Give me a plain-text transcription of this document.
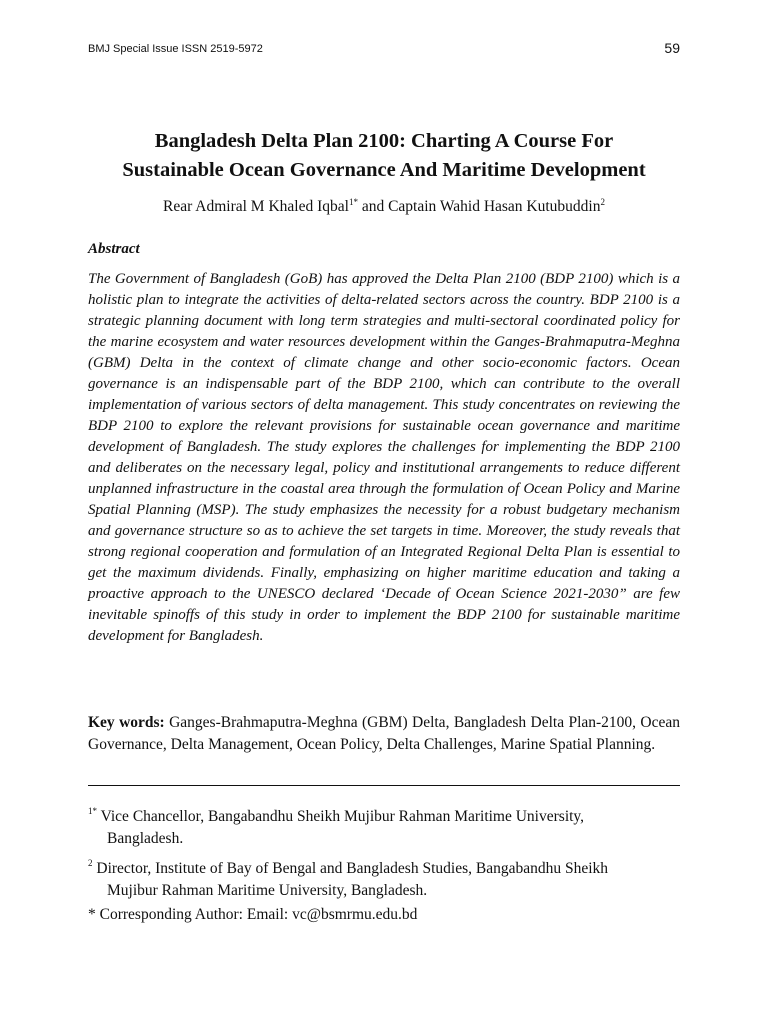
BMJ Special Issue ISSN 2519-5972	59
Bangladesh Delta Plan 2100: Charting A Course For
Sustainable Ocean Governance And Maritime Development
Rear Admiral M Khaled Iqbal$^{1*}$ and Captain Wahid Hasan Kutubuddin$^2$
Abstract

The Government of Bangladesh (GoB) has approved the Delta Plan 2100 (BDP 2100) which is a holistic plan to integrate the activities of delta-related sectors across the country. BDP 2100 is a strategic planning document with long term strategies and multi-sectoral coordinated policy for the marine ecosystem and water resources development within the Ganges-Brahmaputra-Meghna (GBM) Delta in the context of climate change and other socio-economic factors. Ocean governance is an indispensable part of the BDP 2100, which can contribute to the overall implementation of various sectors of delta management. This study concentrates on reviewing the BDP 2100 to explore the relevant provisions for sustainable ocean governance and maritime development of Bangladesh. The study explores the challenges for implementing the BDP 2100 and deliberates on the necessary legal, policy and institutional arrangements to reduce different unplanned infrastructure in the coastal area through the formulation of Ocean Policy and Marine Spatial Planning (MSP). The study emphasizes the necessity for a robust budgetary mechanism and governance structure so as to achieve the set targets in time. Moreover, the study reveals that strong regional cooperation and formulation of an Integrated Regional Delta Plan is essential to get the maximum dividends. Finally, emphasizing on higher maritime education and taking a proactive approach to the UNESCO declared ‘Decade of Ocean Science 2021-2030” are few inevitable spinoffs of this study in order to implement the BDP 2100 for sustainable maritime development for Bangladesh.

Key words: Ganges-Brahmaputra-Meghna (GBM) Delta, Bangladesh Delta Plan-2100, Ocean Governance, Delta Management, Ocean Policy, Delta Challenges, Marine Spatial Planning.

$^{1*}$ Vice Chancellor, Bangabandhu Sheikh Mujibur Rahman Maritime University,
Bangladesh.

$^2$ Director, Institute of Bay of Bengal and Bangladesh Studies, Bangabandhu Sheikh
Mujibur Rahman Maritime University, Bangladesh.

* Corresponding Author: Email: vc@bsmrmu.edu.bd
